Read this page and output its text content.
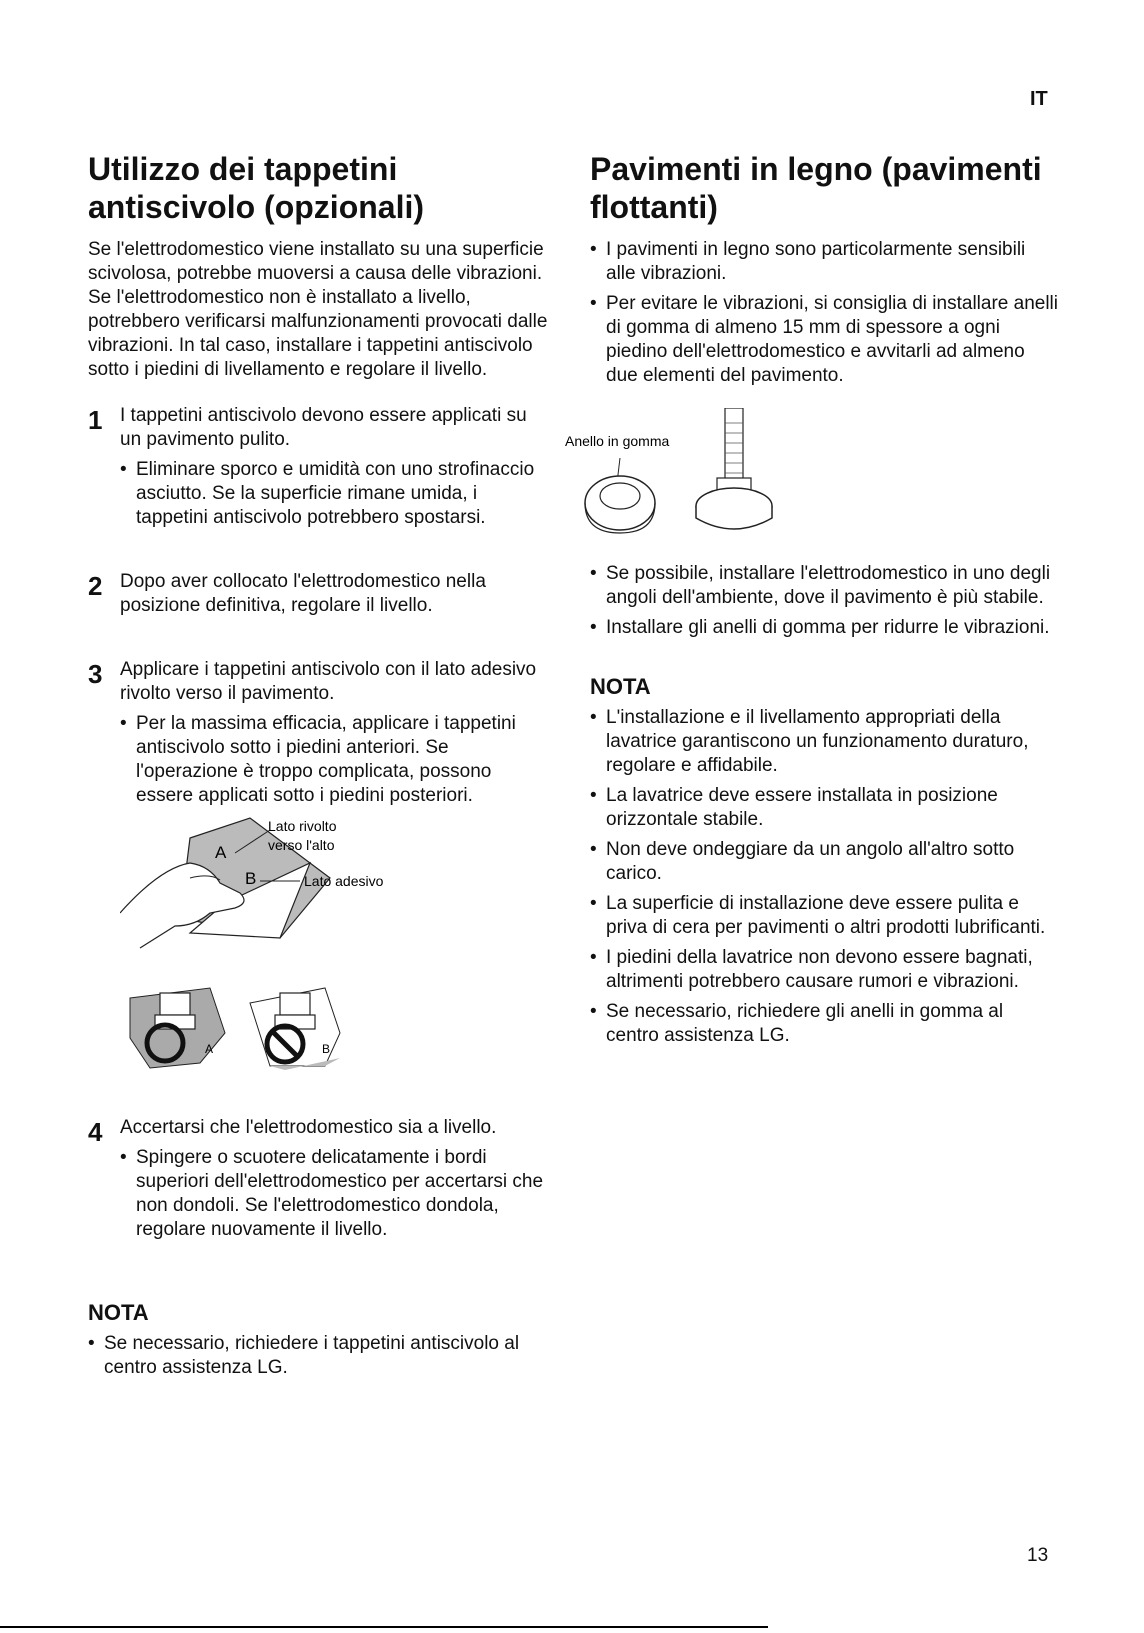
IT
Utilizzo dei tappetini antiscivolo (opzionali)

Se l'elettrodomestico viene installato su una superficie scivolosa, potrebbe muoversi a causa delle vibrazioni. Se l'elettrodomestico non è installato a livello, potrebbero verificarsi malfunzionamenti provocati dalle vibrazioni. In tal caso, installare i tappetini antiscivolo sotto i piedini di livellamento e regolare il livello.

1 I tappetini antiscivolo devono essere applicati su un pavimento pulito.
• Eliminare sporco e umidità con uno strofinaccio asciutto. Se la superficie rimane umida, i tappetini antiscivolo potrebbero spostarsi.
2 Dopo aver collocato l'elettrodomestico nella posizione definitiva, regolare il livello.
3 Applicare i tappetini antiscivolo con il lato adesivo rivolto verso il pavimento.
• Per la massima efficacia, applicare i tappetini antiscivolo sotto i piedini anteriori. Se l'operazione è troppo complicata, possono essere applicati sotto i piedini posteriori.
A
B
Lato rivolto
verso l'alto
Lato adesivo
A	B
4 Accertarsi che l'elettrodomestico sia a livello.
• Spingere o scuotere delicatamente i bordi superiori dell'elettrodomestico per accertarsi che non dondoli. Se l'elettrodomestico dondola, regolare nuovamente il livello.
NOTA
• Se necessario, richiedere i tappetini antiscivolo al centro assistenza LG.
Pavimenti in legno (pavimenti flottanti)
• I pavimenti in legno sono particolarmente sensibili alle vibrazioni.
• Per evitare le vibrazioni, si consiglia di installare anelli di gomma di almeno 15 mm di spessore a ogni piedino dell'elettrodomestico e avvitarli ad almeno due elementi del pavimento.
Anello in gomma
• Se possibile, installare l'elettrodomestico in uno degli angoli dell'ambiente, dove il pavimento è più stabile.
• Installare gli anelli di gomma per ridurre le vibrazioni.
NOTA
• L'installazione e il livellamento appropriati della lavatrice garantiscono un funzionamento duraturo, regolare e affidabile.
• La lavatrice deve essere installata in posizione orizzontale stabile.
• Non deve ondeggiare da un angolo all'altro sotto carico.
• La superficie di installazione deve essere pulita e priva di cera per pavimenti o altri prodotti lubrificanti.
• I piedini della lavatrice non devono essere bagnati, altrimenti potrebbero causare rumori e vibrazioni.
• Se necessario, richiedere gli anelli in gomma al centro assistenza LG.
13
